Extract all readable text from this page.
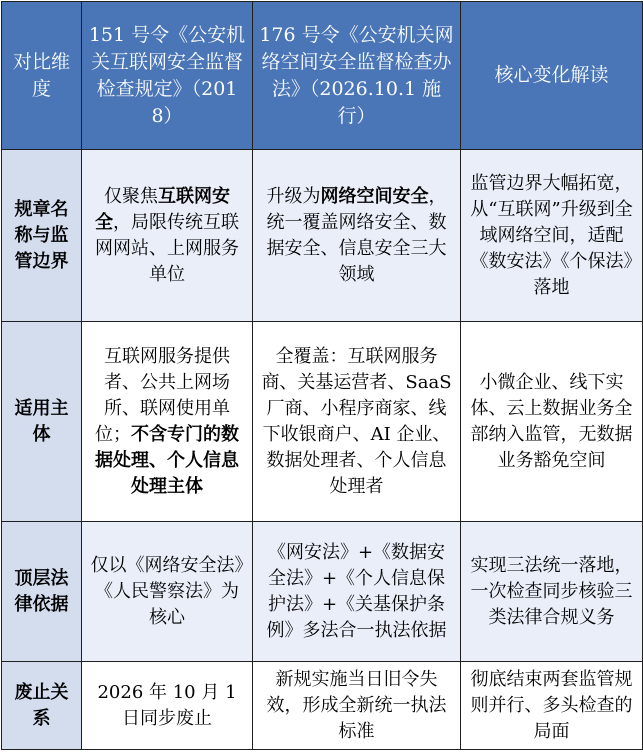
对比维度	151 号令《公安机关互联网安全监督检查规定》（2018）	176 号令《公安机关网络空间安全监督检查办法》（2026.10.1 施行）	核心变化解读
规章名称与监管边界	仅聚焦互联网安全，局限传统互联网网站、上网服务单位	升级为网络空间安全，统一覆盖网络安全、数据安全、信息安全三大领域	监管边界大幅拓宽，从“互联网”升级到全域网络空间，适配《数安法》《个保法》落地
适用主体	互联网服务提供者、公共上网场所、联网使用单位；不含专门的数据处理、个人信息处理主体	全覆盖：互联网服务商、关基运营者、SaaS 厂商、小程序商家、线下收银商户、AI 企业、数据处理者、个人信息处理者	小微企业、线下实体、云上数据业务全部纳入监管，无数据业务豁免空间
顶层法律依据	仅以《网络安全法》《人民警察法》为核心	《网安法》+《数据安全法》+《个人信息保护法》+《关基保护条例》多法合一执法依据	实现三法统一落地，一次检查同步核验三类法律合规义务
废止关系	2026 年 10 月 1 日同步废止	新规实施当日旧令失效，形成全新统一执法标准	彻底结束两套监管规则并行、多头检查的局面
